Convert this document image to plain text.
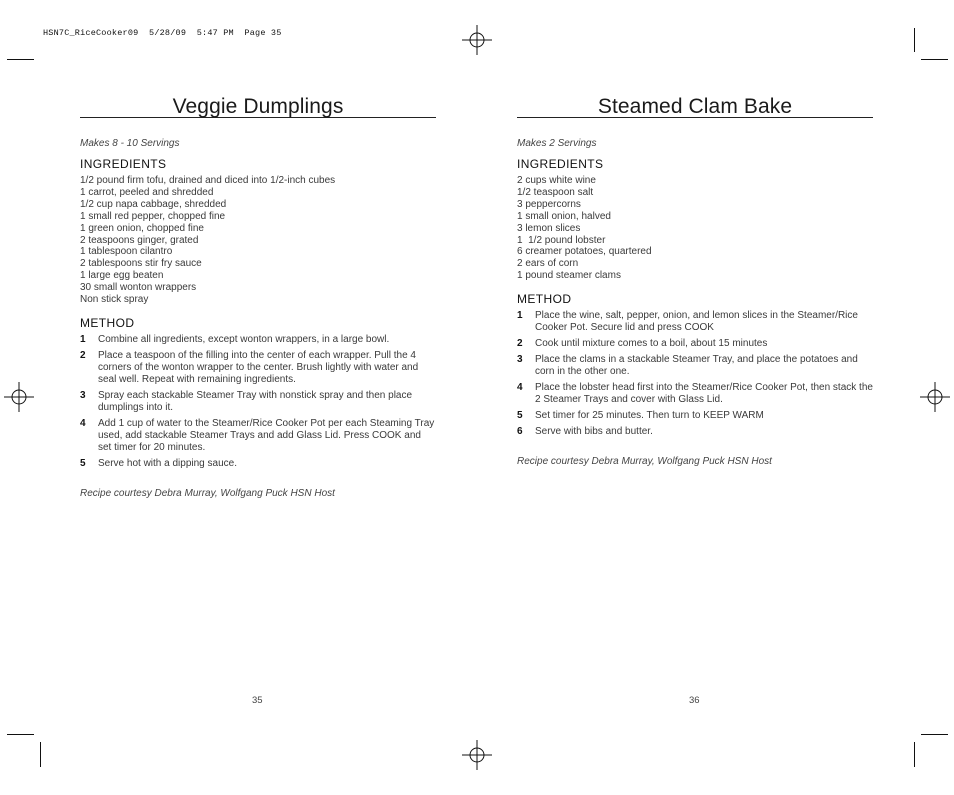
HSN7C_RiceCooker09  5/28/09  5:47 PM  Page 35
Veggie Dumplings
Makes 8 - 10 Servings
INGREDIENTS
1/2 pound firm tofu, drained and diced into 1/2-inch cubes
1 carrot, peeled and shredded
1/2 cup napa cabbage, shredded
1 small red pepper, chopped fine
1 green onion, chopped fine
2 teaspoons ginger, grated
1 tablespoon cilantro
2 tablespoons stir fry sauce
1 large egg beaten
30 small wonton wrappers
Non stick spray
METHOD
1	Combine all ingredients, except wonton wrappers, in a large bowl.
2	Place a teaspoon of the filling into the center of each wrapper. Pull the 4 corners of the wonton wrapper to the center. Brush lightly with water and seal well. Repeat with remaining ingredients.
3	Spray each stackable Steamer Tray with nonstick spray and then place dumplings into it.
4	Add 1 cup of water to the Steamer/Rice Cooker Pot per each Steaming Tray used, add stackable Steamer Trays and add Glass Lid. Press COOK and set timer for 20 minutes.
5	Serve hot with a dipping sauce.
Recipe courtesy Debra Murray, Wolfgang Puck HSN Host
35
Steamed Clam Bake
Makes 2 Servings
INGREDIENTS
2 cups white wine
1/2 teaspoon salt
3 peppercorns
1 small onion, halved
3 lemon slices
1  1/2 pound lobster
6 creamer potatoes, quartered
2 ears of corn
1 pound steamer clams
METHOD
1	Place the wine, salt, pepper, onion, and lemon slices in the Steamer/Rice Cooker Pot. Secure lid and press COOK
2	Cook until mixture comes to a boil, about 15 minutes
3	Place the clams in a stackable Steamer Tray, and place the potatoes and corn in the other one.
4	Place the lobster head first into the Steamer/Rice Cooker Pot, then stack the 2 Steamer Trays and cover with Glass Lid.
5	Set timer for 25 minutes. Then turn to KEEP WARM
6	Serve with bibs and butter.
Recipe courtesy Debra Murray, Wolfgang Puck HSN Host
36
